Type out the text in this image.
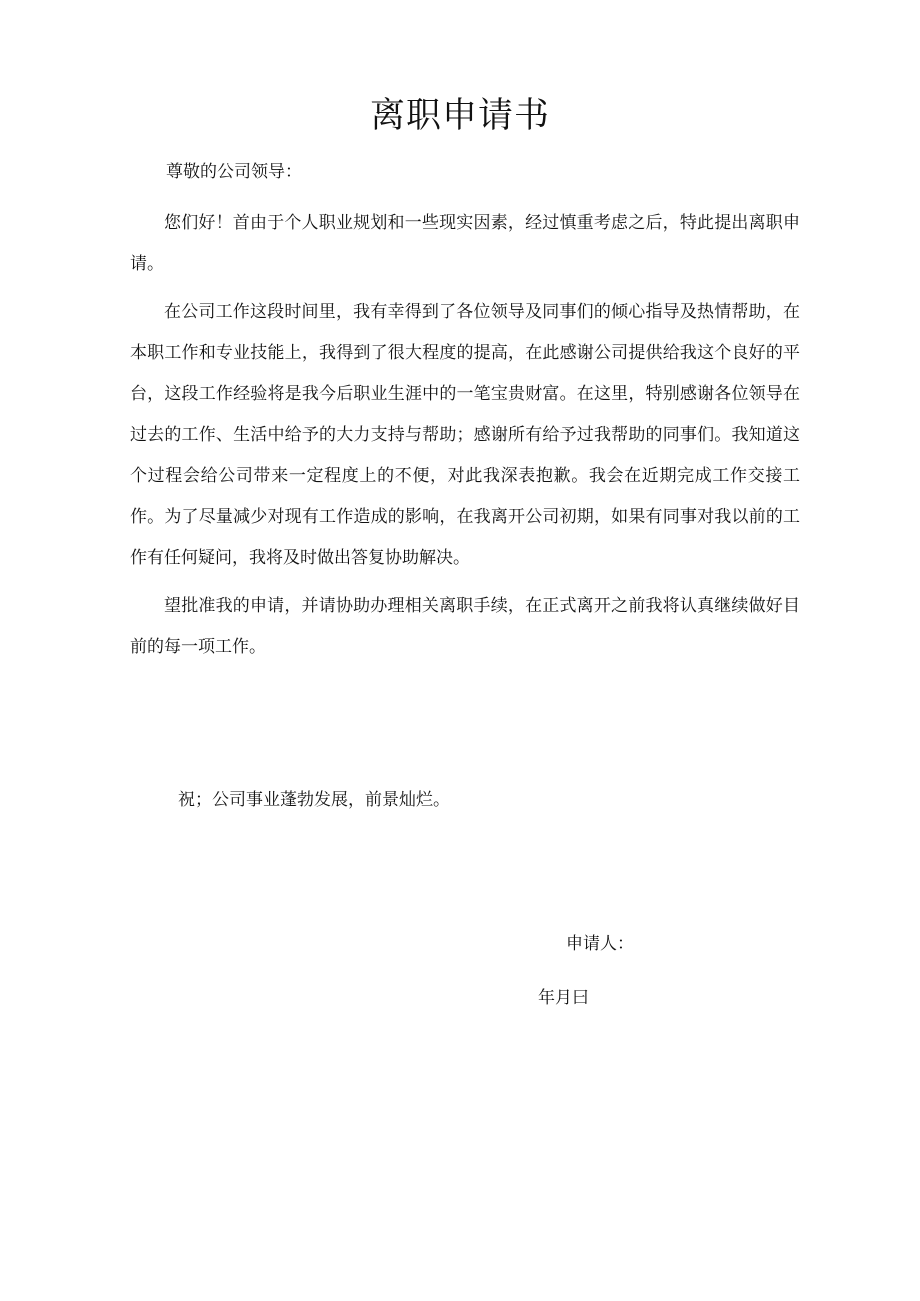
离职申请书
尊敬的公司领导：

您们好！首由于个人职业规划和一些现实因素，经过慎重考虑之后，特此提出离职申请。

在公司工作这段时间里，我有幸得到了各位领导及同事们的倾心指导及热情帮助，在本职工作和专业技能上，我得到了很大程度的提高，在此感谢公司提供给我这个良好的平台，这段工作经验将是我今后职业生涯中的一笔宝贵财富。在这里，特别感谢各位领导在过去的工作、生活中给予的大力支持与帮助；感谢所有给予过我帮助的同事们。我知道这个过程会给公司带来一定程度上的不便，对此我深表抱歉。我会在近期完成工作交接工作。为了尽量减少对现有工作造成的影响，在我离开公司初期，如果有同事对我以前的工作有任何疑问，我将及时做出答复协助解决。

望批准我的申请，并请协助办理相关离职手续，在正式离开之前我将认真继续做好目前的每一项工作。

祝；公司事业蓬勃发展，前景灿烂。
申请人：
年月曰
